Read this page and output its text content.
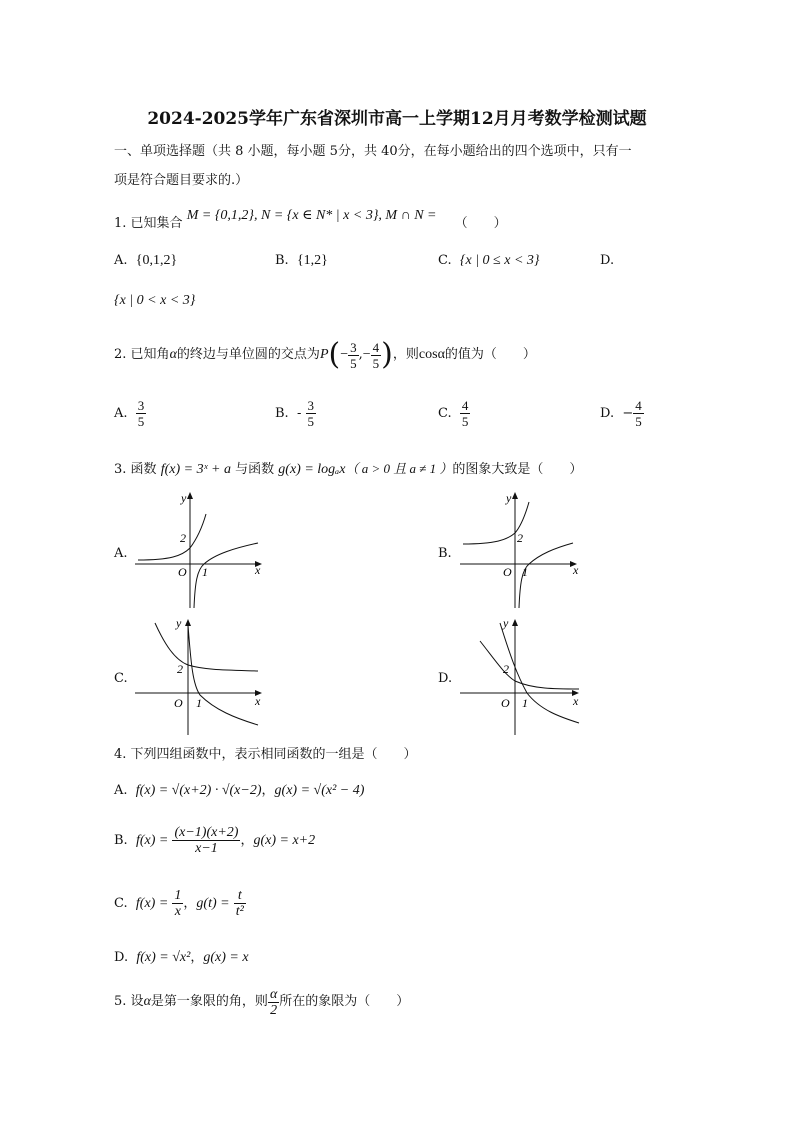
2024-2025学年广东省深圳市高一上学期12月月考数学检测试题
一、单项选择题（共 8 小题，每小题 5分，共 40分，在每小题给出的四个选项中，只有一
项是符合题目要求的.）
1. 已知集合 M = {0,1,2}, N = {x ∈ N* | x < 3}, M ∩ N = （　　）
A. {0,1,2}	B. {1,2}	C. {x | 0 ≤ x < 3}	D.
{x | 0 < x < 3}
2.
已知角 α 的终边与单位圆的交点为 P ( − $\frac{3}{5}$ , − $\frac{4}{5}$ ) ，则 cosα 的值为（　　）
A.
$\frac{3}{5}$	B.
-
$\frac{3}{5}$	C.
$\frac{4}{5}$	D.
− $\frac{4}{5}$
3. 函数 f(x) = 3ˣ + a 与函数 g(x) = logₐx（ a > 0 且 a ≠ 1 ）的图象大致是（　　）
A.	B.
C.	D.
y
x
O 1
2
y
x
O 1
2
y
x
O 1
2
y
x
O 1
2
4. 下列四组函数中，表示相同函数的一组是（　　）
A. f(x) = √(x+2) · √(x−2)，g(x) = √(x² − 4)
B.
f(x) =
$\frac{(x-1)(x+2)}{x-1}$ ， g(x) = x+2
C.
f(x) =
$\frac{1}{x}$ ， g(t) =
$\frac{t}{\text{t²}}$
D. f(x) = √x²，g(x) = x
5.
设 α 是第一象限的角，则 $\frac{\alpha}{2}$ 所在的象限为（　　）
